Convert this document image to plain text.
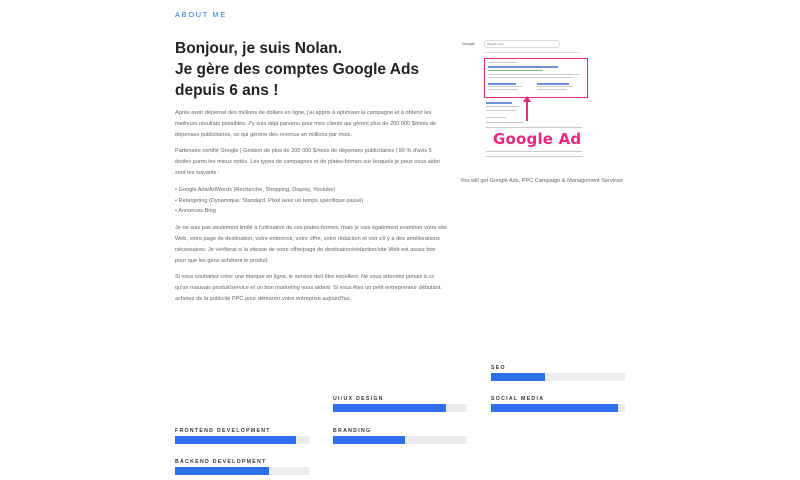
ABOUT ME
Bonjour, je suis Nolan.
Je gère des comptes Google Ads depuis 6 ans !

Après avoir dépensé des millions de dollars en ligne, j'ai appris à optimiser la campagne et à obtenir les meilleurs résultats possibles. J'y suis déjà parvenu pour mes clients qui gèrent plus de 200 000 $/mois de dépenses publicitaires, ce qui génère des revenus en millions par mois.

Partenaire certifié Google | Gestion de plus de 200 000 $/mois de dépenses publicitaires | 99 % d'avis 5 étoiles parmi les mieux notés. Les types de campagnes et de plates-formes sur lesquels je peux vous aider sont les suivants :

• Google Ads/AdWords (Recherche, Shopping, Display, Youtube)
• Retargeting (Dynamique, Standard, Pixel avec un temps spécifique passé)
• Annonces Bing

Je ne suis pas seulement limité à l'utilisation de ces plates-formes, mais je vais également examiner votre site Web, votre page de destination, votre entonnoir, votre offre, votre rédaction et voir s'il y a des améliorations nécessaires. Je vérifierai si la vitesse de votre offre/page de destination/rédaction/site Web est assez bon pour que les gens achètent le produit.

Si vous souhaitez créer une marque en ligne, le service doit être excellent. Ne vous attendez jamais à ce qu'un mauvais produit/service et un bon marketing vous aident. Si vous êtes un petit entrepreneur débutant, achetez de la publicité PPC pour démarrer votre entreprise aujourd'hui.

Google	Weight Loss
Google Ad
You will get Google Ads, PPC Campaign & Management Services
FRONTEND DEVELOPMENT
BACKEND DEVELOPMENT
UI/UX DESIGN
BRANDING
SEO
SOCIAL MEDIA
